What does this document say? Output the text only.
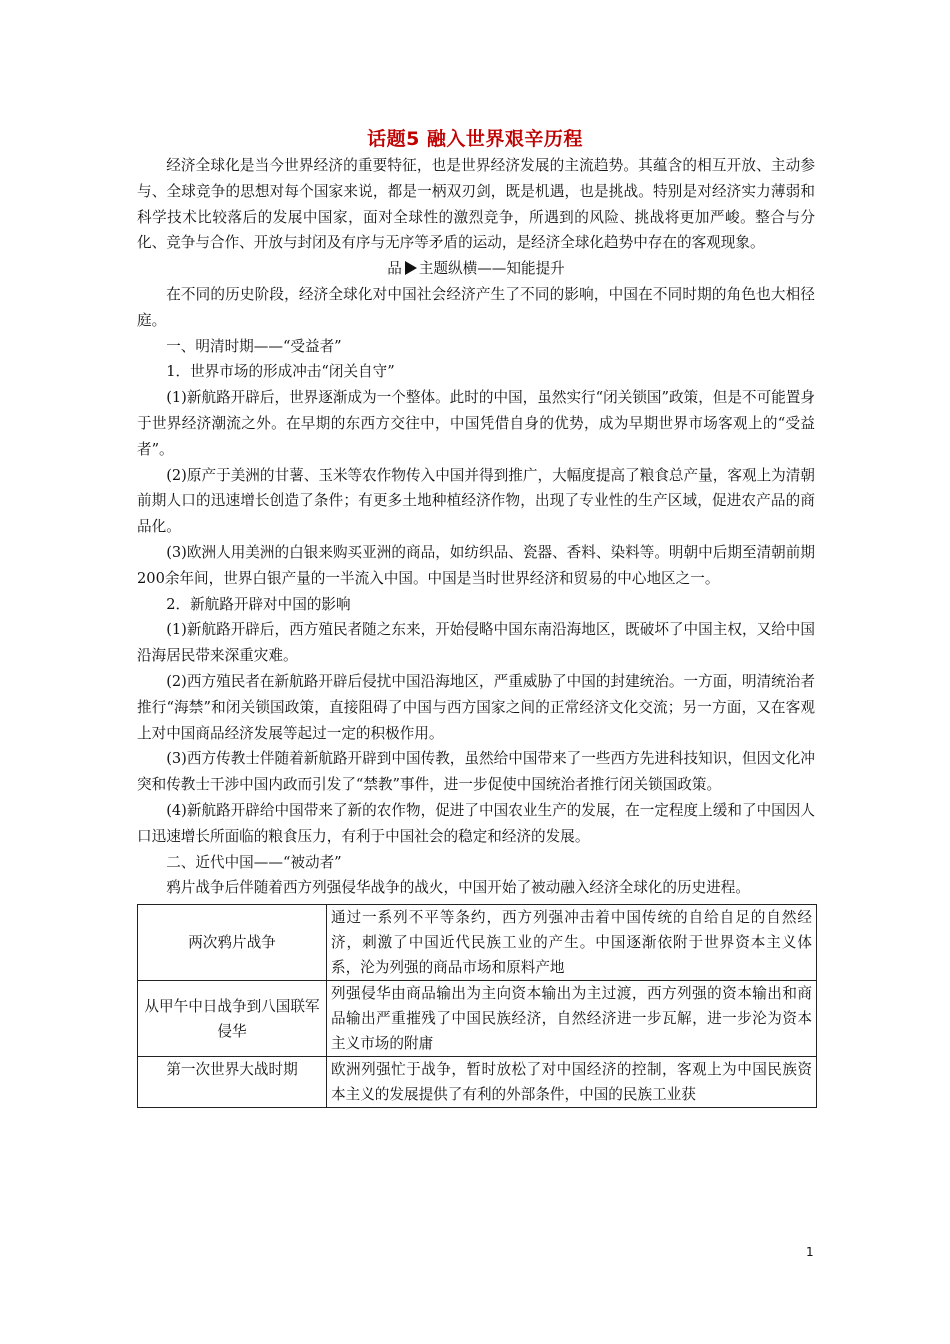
话题5 融入世界艰辛历程

经济全球化是当今世界经济的重要特征，也是世界经济发展的主流趋势。其蕴含的相互开放、主动参与、全球竞争的思想对每个国家来说，都是一柄双刃剑，既是机遇，也是挑战。特别是对经济实力薄弱和科学技术比较落后的发展中国家，面对全球性的激烈竞争，所遇到的风险、挑战将更加严峻。整合与分化、竞争与合作、开放与封闭及有序与无序等矛盾的运动，是经济全球化趋势中存在的客观现象。

品 主题纵横——知能提升

在不同的历史阶段，经济全球化对中国社会经济产生了不同的影响，中国在不同时期的角色也大相径庭。

一、明清时期——“受益者”

1．世界市场的形成冲击“闭关自守”

(1)新航路开辟后，世界逐渐成为一个整体。此时的中国，虽然实行“闭关锁国”政策，但是不可能置身于世界经济潮流之外。在早期的东西方交往中，中国凭借自身的优势，成为早期世界市场客观上的“受益者”。

(2)原产于美洲的甘薯、玉米等农作物传入中国并得到推广，大幅度提高了粮食总产量，客观上为清朝前期人口的迅速增长创造了条件；有更多土地种植经济作物，出现了专业性的生产区域，促进农产品的商品化。

(3)欧洲人用美洲的白银来购买亚洲的商品，如纺织品、瓷器、香料、染料等。明朝中后期至清朝前期200余年间，世界白银产量的一半流入中国。中国是当时世界经济和贸易的中心地区之一。

2．新航路开辟对中国的影响

(1)新航路开辟后，西方殖民者随之东来，开始侵略中国东南沿海地区，既破坏了中国主权，又给中国沿海居民带来深重灾难。

(2)西方殖民者在新航路开辟后侵扰中国沿海地区，严重威胁了中国的封建统治。一方面，明清统治者推行“海禁”和闭关锁国政策，直接阻碍了中国与西方国家之间的正常经济文化交流；另一方面，又在客观上对中国商品经济发展等起过一定的积极作用。

(3)西方传教士伴随着新航路开辟到中国传教，虽然给中国带来了一些西方先进科技知识，但因文化冲突和传教士干涉中国内政而引发了“禁教”事件，进一步促使中国统治者推行闭关锁国政策。

(4)新航路开辟给中国带来了新的农作物，促进了中国农业生产的发展，在一定程度上缓和了中国因人口迅速增长所面临的粮食压力，有利于中国社会的稳定和经济的发展。

二、近代中国——“被动者”

鸦片战争后伴随着西方列强侵华战争的战火，中国开始了被动融入经济全球化的历史进程。

两次鸦片战争	通过一系列不平等条约，西方列强冲击着中国传统的自给自足的自然经济，刺激了中国近代民族工业的产生。中国逐渐依附于世界资本主义体系，沦为列强的商品市场和原料产地
从甲午中日战争到八国联军侵华	列强侵华由商品输出为主向资本输出为主过渡，西方列强的资本输出和商品输出严重摧残了中国民族经济，自然经济进一步瓦解，进一步沦为资本主义市场的附庸
第一次世界大战时期	欧洲列强忙于战争，暂时放松了对中国经济的控制，客观上为中国民族资本主义的发展提供了有利的外部条件，中国的民族工业获
1
